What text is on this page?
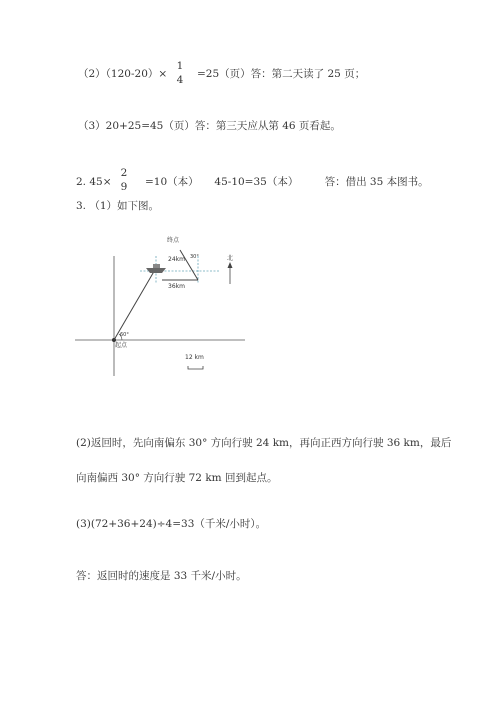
（2）（120-20）×
1
4 =25（页）答：第二天读了 25 页；
（3）20+25=45（页）答：第三天应从第 46 页看起。
2. 45×
2
9 =10（本）　　45-10=35（本）　　　答：借出 35 本图书。
3. （1）如下图。
60°
起点
36km
24km 30°
终点
北
12 km
(2)返回时，先向南偏东 30° 方向行驶 24 km，再向正西方向行驶 36 km，最后
向南偏西 30° 方向行驶 72 km 回到起点。
(3)(72+36+24)÷4=33（千米/小时）。
答：返回时的速度是 33 千米/小时。
